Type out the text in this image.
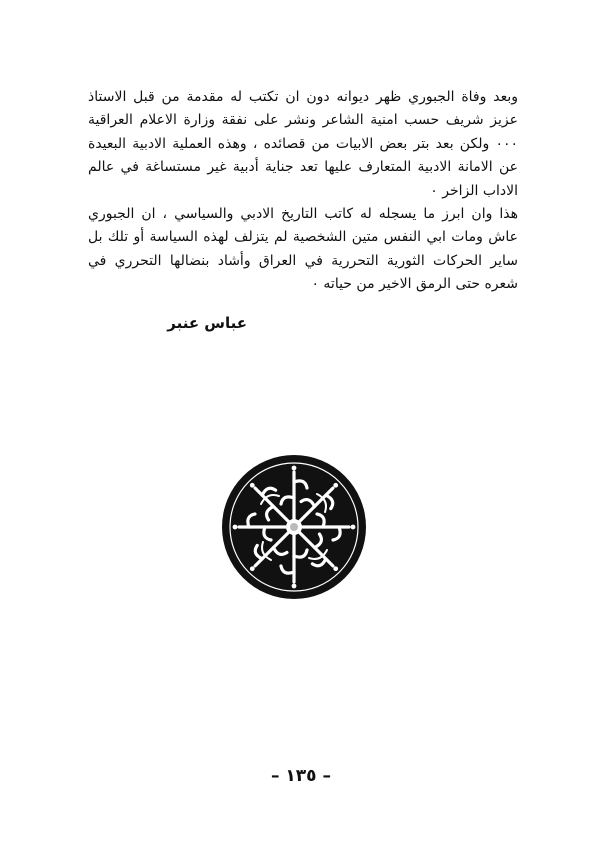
وبعد وفاة الجبوري ظهر ديوانه دون ان تكتب له مقدمة من قبل الاستاذ عزيز شريف حسب امنية الشاعر ونشر على نفقة وزارة الاعلام العراقية ٠٠٠ ولكن بعد بتر بعض الابيات من قصائده ، وهذه العملية الادبية البعيدة عن الامانة الادبية المتعارف عليها تعد جناية أدبية غير مستساغة في عالم الاداب الزاخر ٠

هذا وان ابرز ما يسجله له كاتب التاريخ الادبي والسياسي ، ان الجبوري عاش ومات ابي النفس متين الشخصية لم يتزلف لهذه السياسة أو تلك بل ساير الحركات الثورية التحررية في العراق وأشاد بنضالها التحرري في شعره حتى الرمق الاخير من حياته ٠

عباس عنبر
– ١٣٥ –
